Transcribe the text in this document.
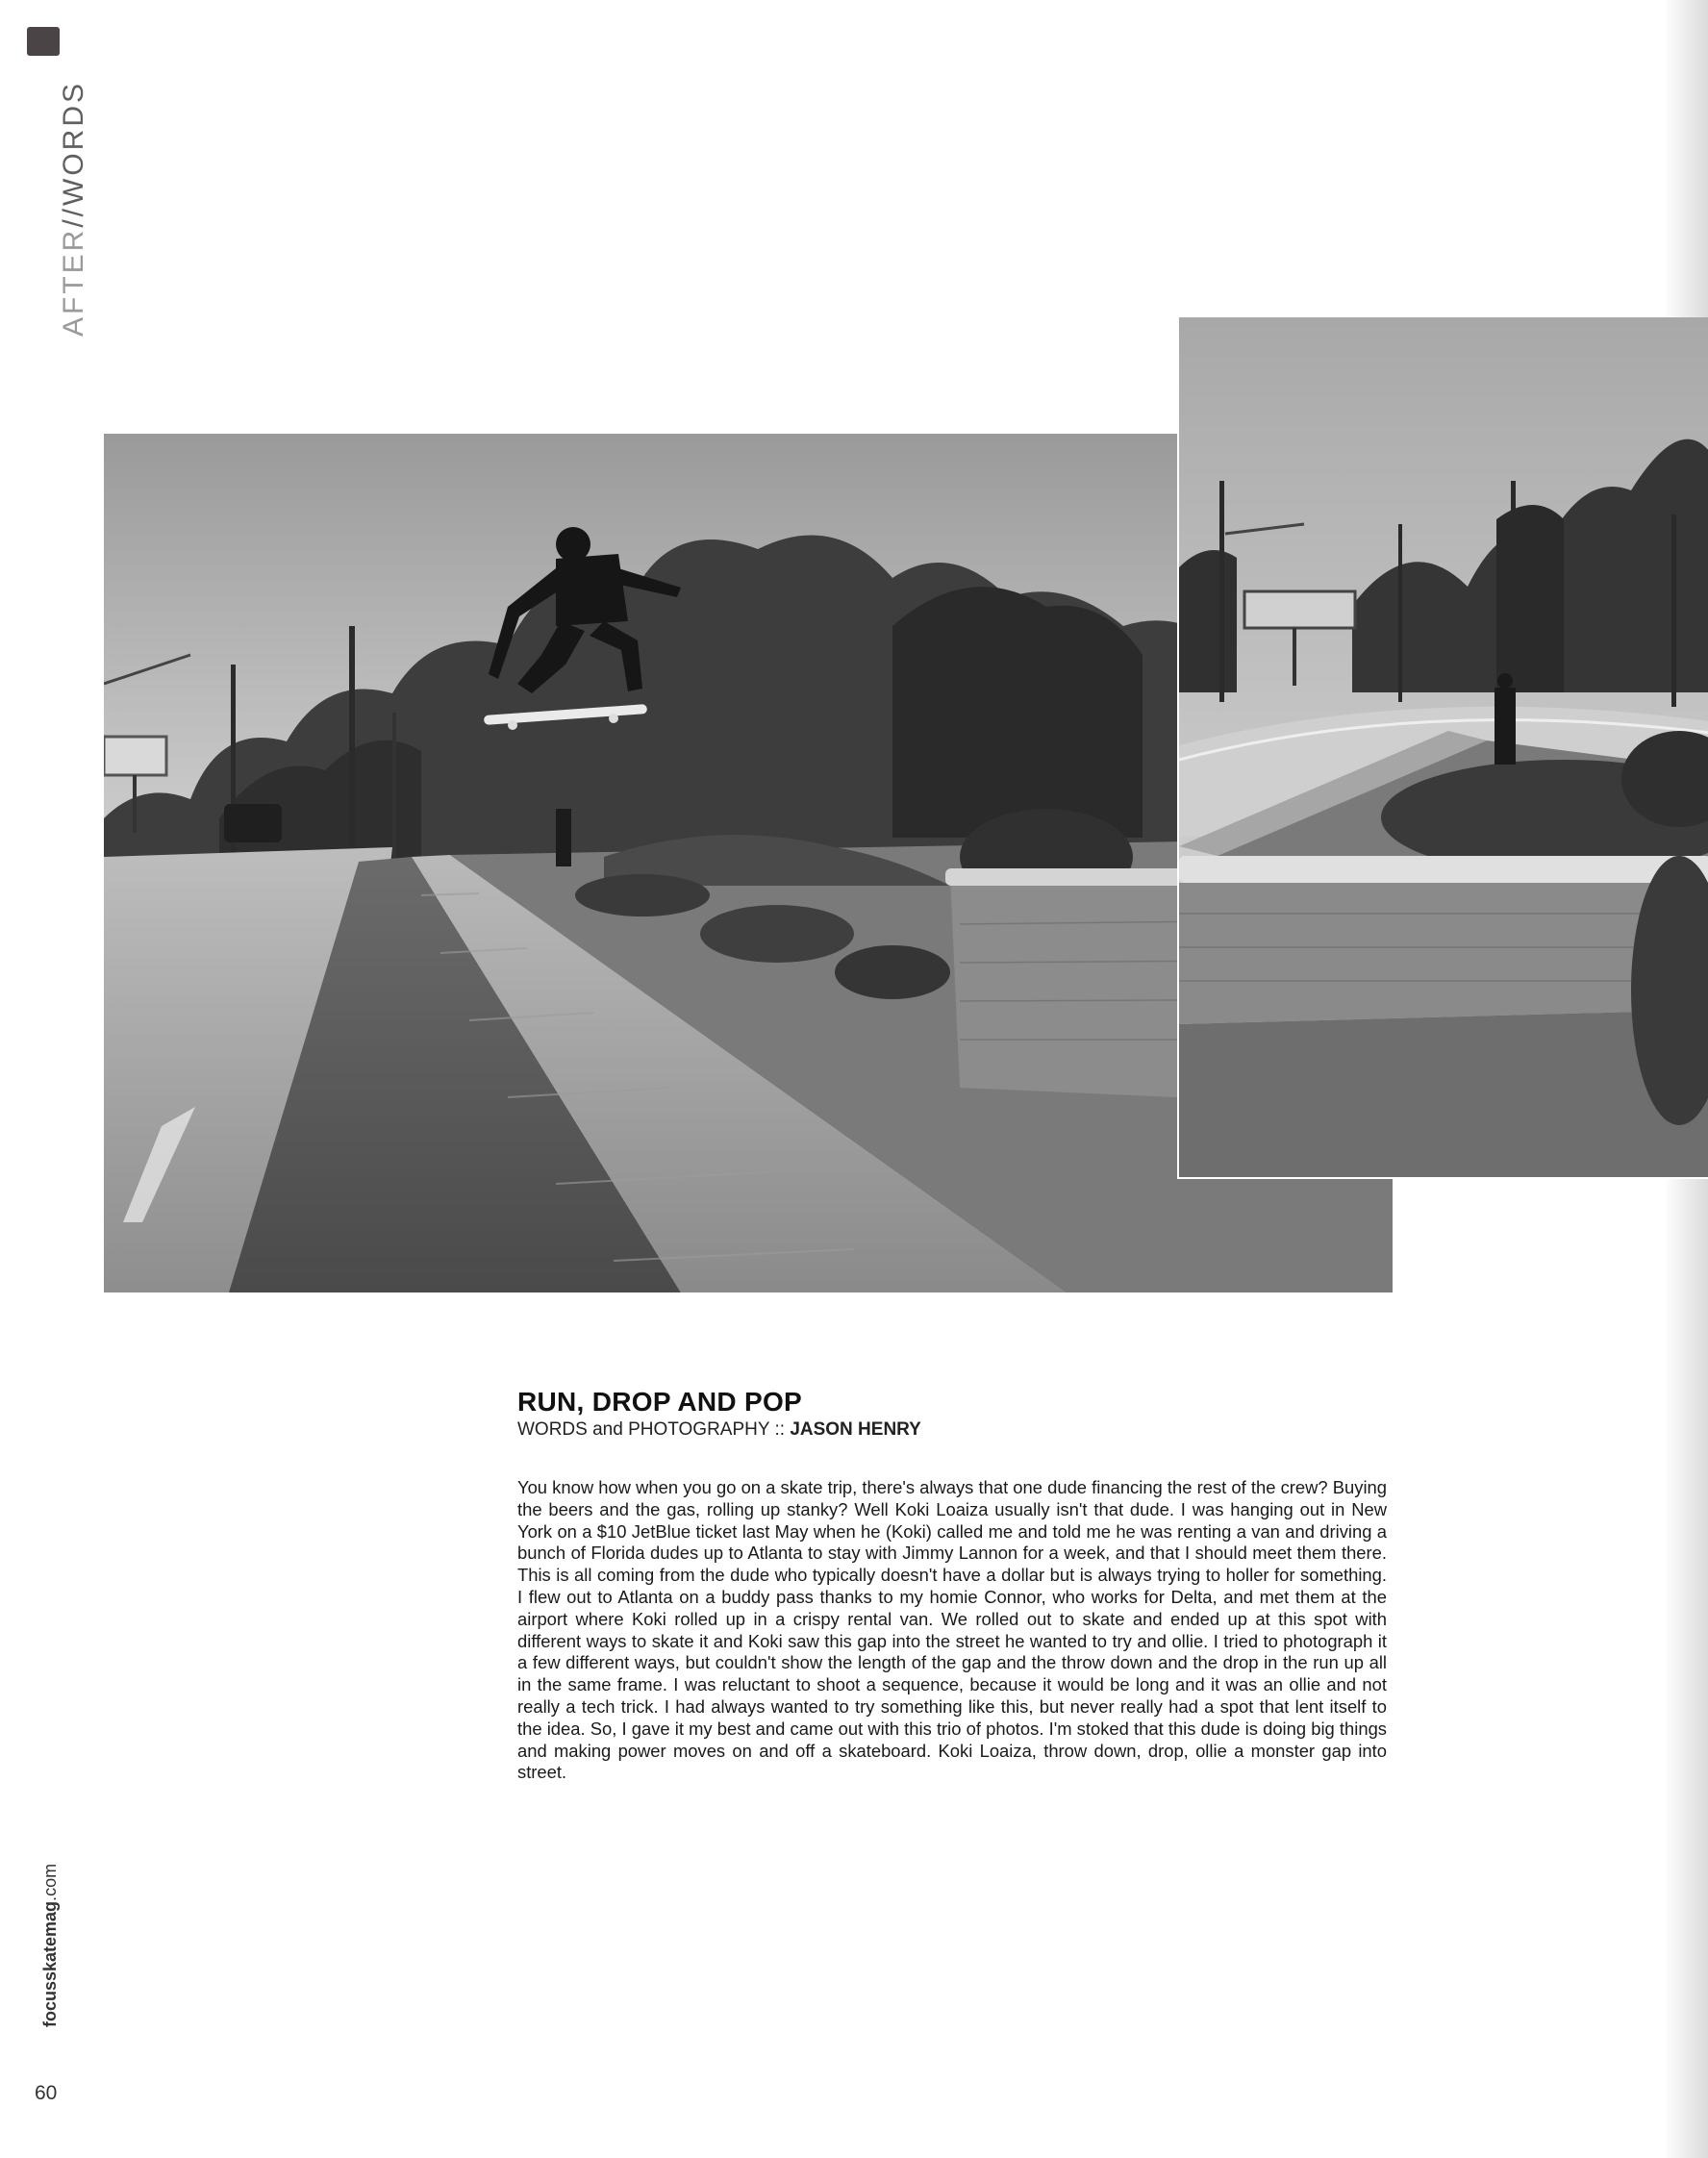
AFTER//WORDS
RUN, DROP AND POP
WORDS and PHOTOGRAPHY :: JASON HENRY

You know how when you go on a skate trip, there's always that one dude financing the rest of the crew? Buying the beers and the gas, rolling up stanky? Well Koki Loaiza usually isn't that dude. I was hanging out in New York on a $10 JetBlue ticket last May when he (Koki) called me and told me he was renting a van and driving a bunch of Florida dudes up to Atlanta to stay with Jimmy Lannon for a week, and that I should meet them there. This is all coming from the dude who typically doesn't have a dollar but is always trying to holler for something. I flew out to Atlanta on a buddy pass thanks to my homie Connor, who works for Delta, and met them at the airport where Koki rolled up in a crispy rental van. We rolled out to skate and ended up at this spot with different ways to skate it and Koki saw this gap into the street he wanted to try and ollie. I tried to photograph it a few different ways, but couldn't show the length of the gap and the throw down and the drop in the run up all in the same frame. I was reluctant to shoot a sequence, because it would be long and it was an ollie and not really a tech trick. I had always wanted to try something like this, but never really had a spot that lent itself to the idea. So, I gave it my best and came out with this trio of photos. I'm stoked that this dude is doing big things and making power moves on and off a skateboard. Koki Loaiza, throw down, drop, ollie a monster gap into street.

focusskatemag.com
60
